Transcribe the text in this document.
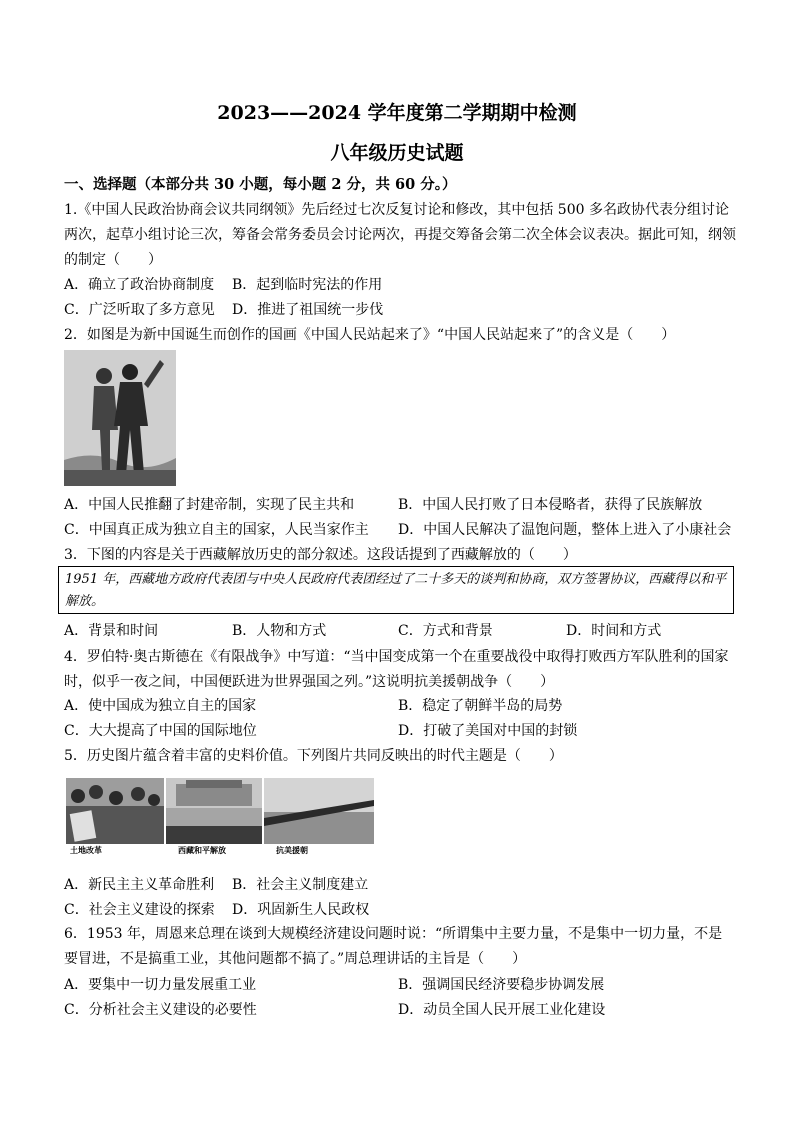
2023——2024 学年度第二学期期中检测
八年级历史试题
一、选择题（本部分共 30 小题，每小题 2 分，共 60 分。）
1.《中国人民政治协商会议共同纲领》先后经过七次反复讨论和修改，其中包括 500 多名政协代表分组讨论两次，起草小组讨论三次，筹备会常务委员会讨论两次，再提交筹备会第二次全体会议表决。据此可知，纲领的制定（　　）
A．确立了政治协商制度 B．起到临时宪法的作用
C．广泛听取了多方意见 D．推进了祖国统一步伐
2．如图是为新中国诞生而创作的国画《中国人民站起来了》“中国人民站起来了”的含义是（　　）
A．中国人民推翻了封建帝制，实现了民主共和	B．中国人民打败了日本侵略者，获得了民族解放
C．中国真正成为独立自主的国家，人民当家作主 D．中国人民解决了温饱问题，整体上进入了小康社会
3．下图的内容是关于西藏解放历史的部分叙述。这段话提到了西藏解放的（　　）
1951 年，西藏地方政府代表团与中央人民政府代表团经过了二十多天的谈判和协商，双方签署协议，西藏得以和平解放。
A．背景和时间	B．人物和方式	C．方式和背景	D．时间和方式
4．罗伯特·奥古斯德在《有限战争》中写道：“当中国变成第一个在重要战役中取得打败西方军队胜利的国家时，似乎一夜之间，中国便跃进为世界强国之列。”这说明抗美援朝战争（　　）
A．使中国成为独立自主的国家	B．稳定了朝鲜半岛的局势
C．大大提高了中国的国际地位	D．打破了美国对中国的封锁
5．历史图片蕴含着丰富的史料价值。下列图片共同反映出的时代主题是（　　）
土地改革	西藏和平解放	抗美援朝
A．新民主主义革命胜利 B．社会主义制度建立
C．社会主义建设的探索 D．巩固新生人民政权
6．1953 年，周恩来总理在谈到大规模经济建设问题时说：“所谓集中主要力量，不是集中一切力量，不是要冒进，不是搞重工业，其他问题都不搞了。”周总理讲话的主旨是（　　）
A．要集中一切力量发展重工业	B．强调国民经济要稳步协调发展
C．分析社会主义建设的必要性	D．动员全国人民开展工业化建设
